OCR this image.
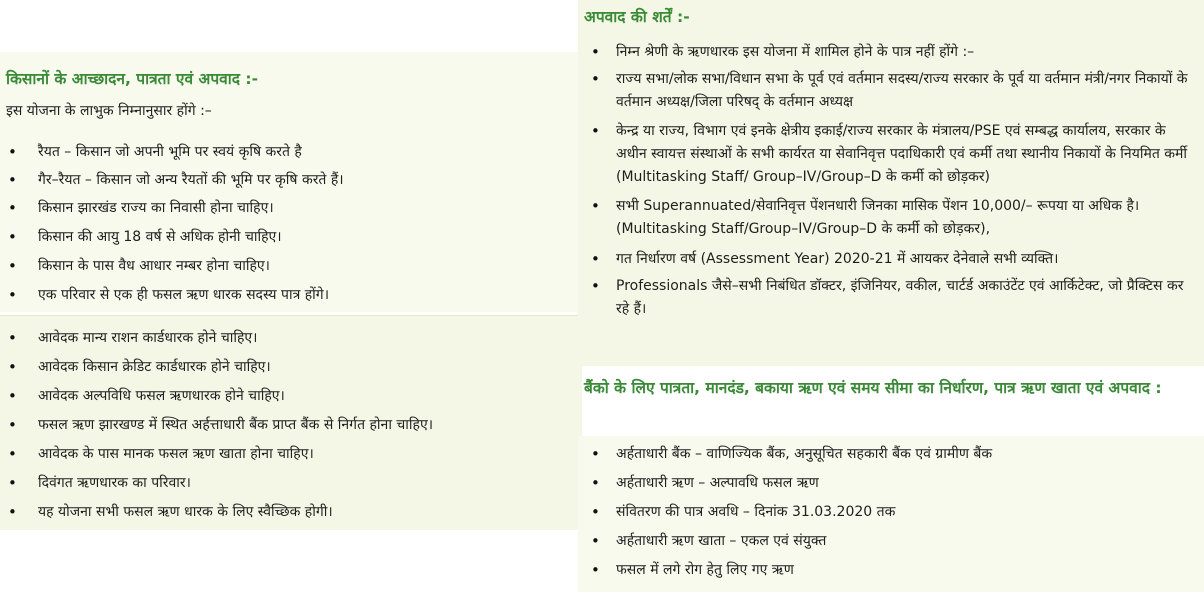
किसानों के आच्छादन, पात्रता एवं अपवाद :-
इस योजना के लाभुक निम्नानुसार होंगे :–
• रैयत – किसान जो अपनी भूमि पर स्वयं कृषि करते है
• गैर–रैयत – किसान जो अन्य रैयतों की भूमि पर कृषि करते हैं।
• किसान झारखंड राज्य का निवासी होना चाहिए।
• किसान की आयु 18 वर्ष से अधिक होनी चाहिए।
• किसान के पास वैध आधार नम्बर होना चाहिए।
• एक परिवार से एक ही फसल ऋण धारक सदस्य पात्र होंगे।
• आवेदक मान्य राशन कार्डधारक होने चाहिए।
• आवेदक किसान क्रेडिट कार्डधारक होने चाहिए।
• आवेदक अल्पविधि फसल ऋणधारक होने चाहिए।
• फसल ऋण झारखण्ड में स्थित अर्हत्ताधारी बैंक प्राप्त बैंक से निर्गत होना चाहिए।
• आवेदक के पास मानक फसल ऋण खाता होना चाहिए।
• दिवंगत ऋणधारक का परिवार।
• यह योजना सभी फसल ऋण धारक के लिए स्वैच्छिक होगी।
अपवाद की शर्तें :-
• निम्न श्रेणी के ऋणधारक इस योजना में शामिल होने के पात्र नहीं होंगे :–
• राज्य सभा/लोक सभा/विधान सभा के पूर्व एवं वर्तमान सदस्य/राज्य सरकार के पूर्व या वर्तमान मंत्री/नगर निकायों के वर्तमान अध्यक्ष/जिला परिषद् के वर्तमान अध्यक्ष
• केन्द्र या राज्य, विभाग एवं इनके क्षेत्रीय इकाई/राज्य सरकार के मंत्रालय/PSE एवं सम्बद्ध कार्यालय, सरकार के अधीन स्वायत्त संस्थाओं के सभी कार्यरत या सेवानिवृत्त पदाधिकारी एवं कर्मी तथा स्थानीय निकायों के नियमित कर्मी (Multitasking Staff/ Group–IV/Group–D के कर्मी को छोड़कर)
• सभी Superannuated/सेवानिवृत्त पेंशनधारी जिनका मासिक पेंशन 10,000/– रूपया या अधिक है। (Multitasking Staff/Group–IV/Group–D के कर्मी को छोड़कर),
• गत निर्धारण वर्ष (Assessment Year) 2020-21 में आयकर देनेवाले सभी व्यक्ति।
• Professionals जैसे–सभी निबंधित डॉक्टर, इंजिनियर, वकील, चार्टर्ड अकाउंटेंट एवं आर्किटेक्ट, जो प्रैक्टिस कर रहे हैं।
बैंको के लिए पात्रता, मानदंड, बकाया ऋण एवं समय सीमा का निर्धारण, पात्र ऋण खाता एवं अपवाद :
• अर्हताधारी बैंक – वाणिज्यिक बैंक, अनुसूचित सहकारी बैंक एवं ग्रामीण बैंक
• अर्हताधारी ऋण – अल्पावधि फसल ऋण
• संवितरण की पात्र अवधि – दिनांक 31.03.2020 तक
• अर्हताधारी ऋण खाता – एकल एवं संयुक्त
• फसल में लगे रोग हेतु लिए गए ऋण
